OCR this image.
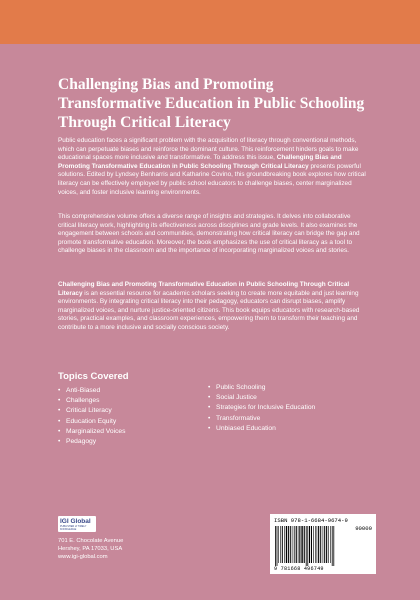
Challenging Bias and Promoting Transformative Education in Public Schooling Through Critical Literacy

Public education faces a significant problem with the acquisition of literacy through conventional methods, which can perpetuate biases and reinforce the dominant culture. This reinforcement hinders goals to make educational spaces more inclusive and transformative. To address this issue, Challenging Bias and Promoting Transformative Education in Public Schooling Through Critical Literacy presents powerful solutions. Edited by Lyndsey Benharris and Katharine Covino, this groundbreaking book explores how critical literacy can be effectively employed by public school educators to challenge biases, center marginalized voices, and foster inclusive learning environments.

This comprehensive volume offers a diverse range of insights and strategies. It delves into collaborative critical literacy work, highlighting its effectiveness across disciplines and grade levels. It also examines the engagement between schools and communities, demonstrating how critical literacy can bridge the gap and promote transformative education. Moreover, the book emphasizes the use of critical literacy as a tool to challenge biases in the classroom and the importance of incorporating marginalized voices and stories.

Challenging Bias and Promoting Transformative Education in Public Schooling Through Critical Literacy is an essential resource for academic scholars seeking to create more equitable and just learning environments. By integrating critical literacy into their pedagogy, educators can disrupt biases, amplify marginalized voices, and nurture justice-oriented citizens. This book equips educators with research-based stories, practical examples, and classroom experiences, empowering them to transform their teaching and contribute to a more inclusive and socially conscious society.

Topics Covered
• Anti-Biased
• Challenges
• Critical Literacy
• Education Equity
• Marginalized Voices
• Pedagogy
• Public Schooling
• Social Justice
• Strategies for Inclusive Education
• Transformative
• Unbiased Education
IGI Global
PUBLISHER of TIMELY KNOWLEDGE
701 E. Chocolate Avenue
Hershey, PA 17033, USA
www.igi-global.com
ISBN 978-1-6684-9674-9
90000
9 781668 496749
